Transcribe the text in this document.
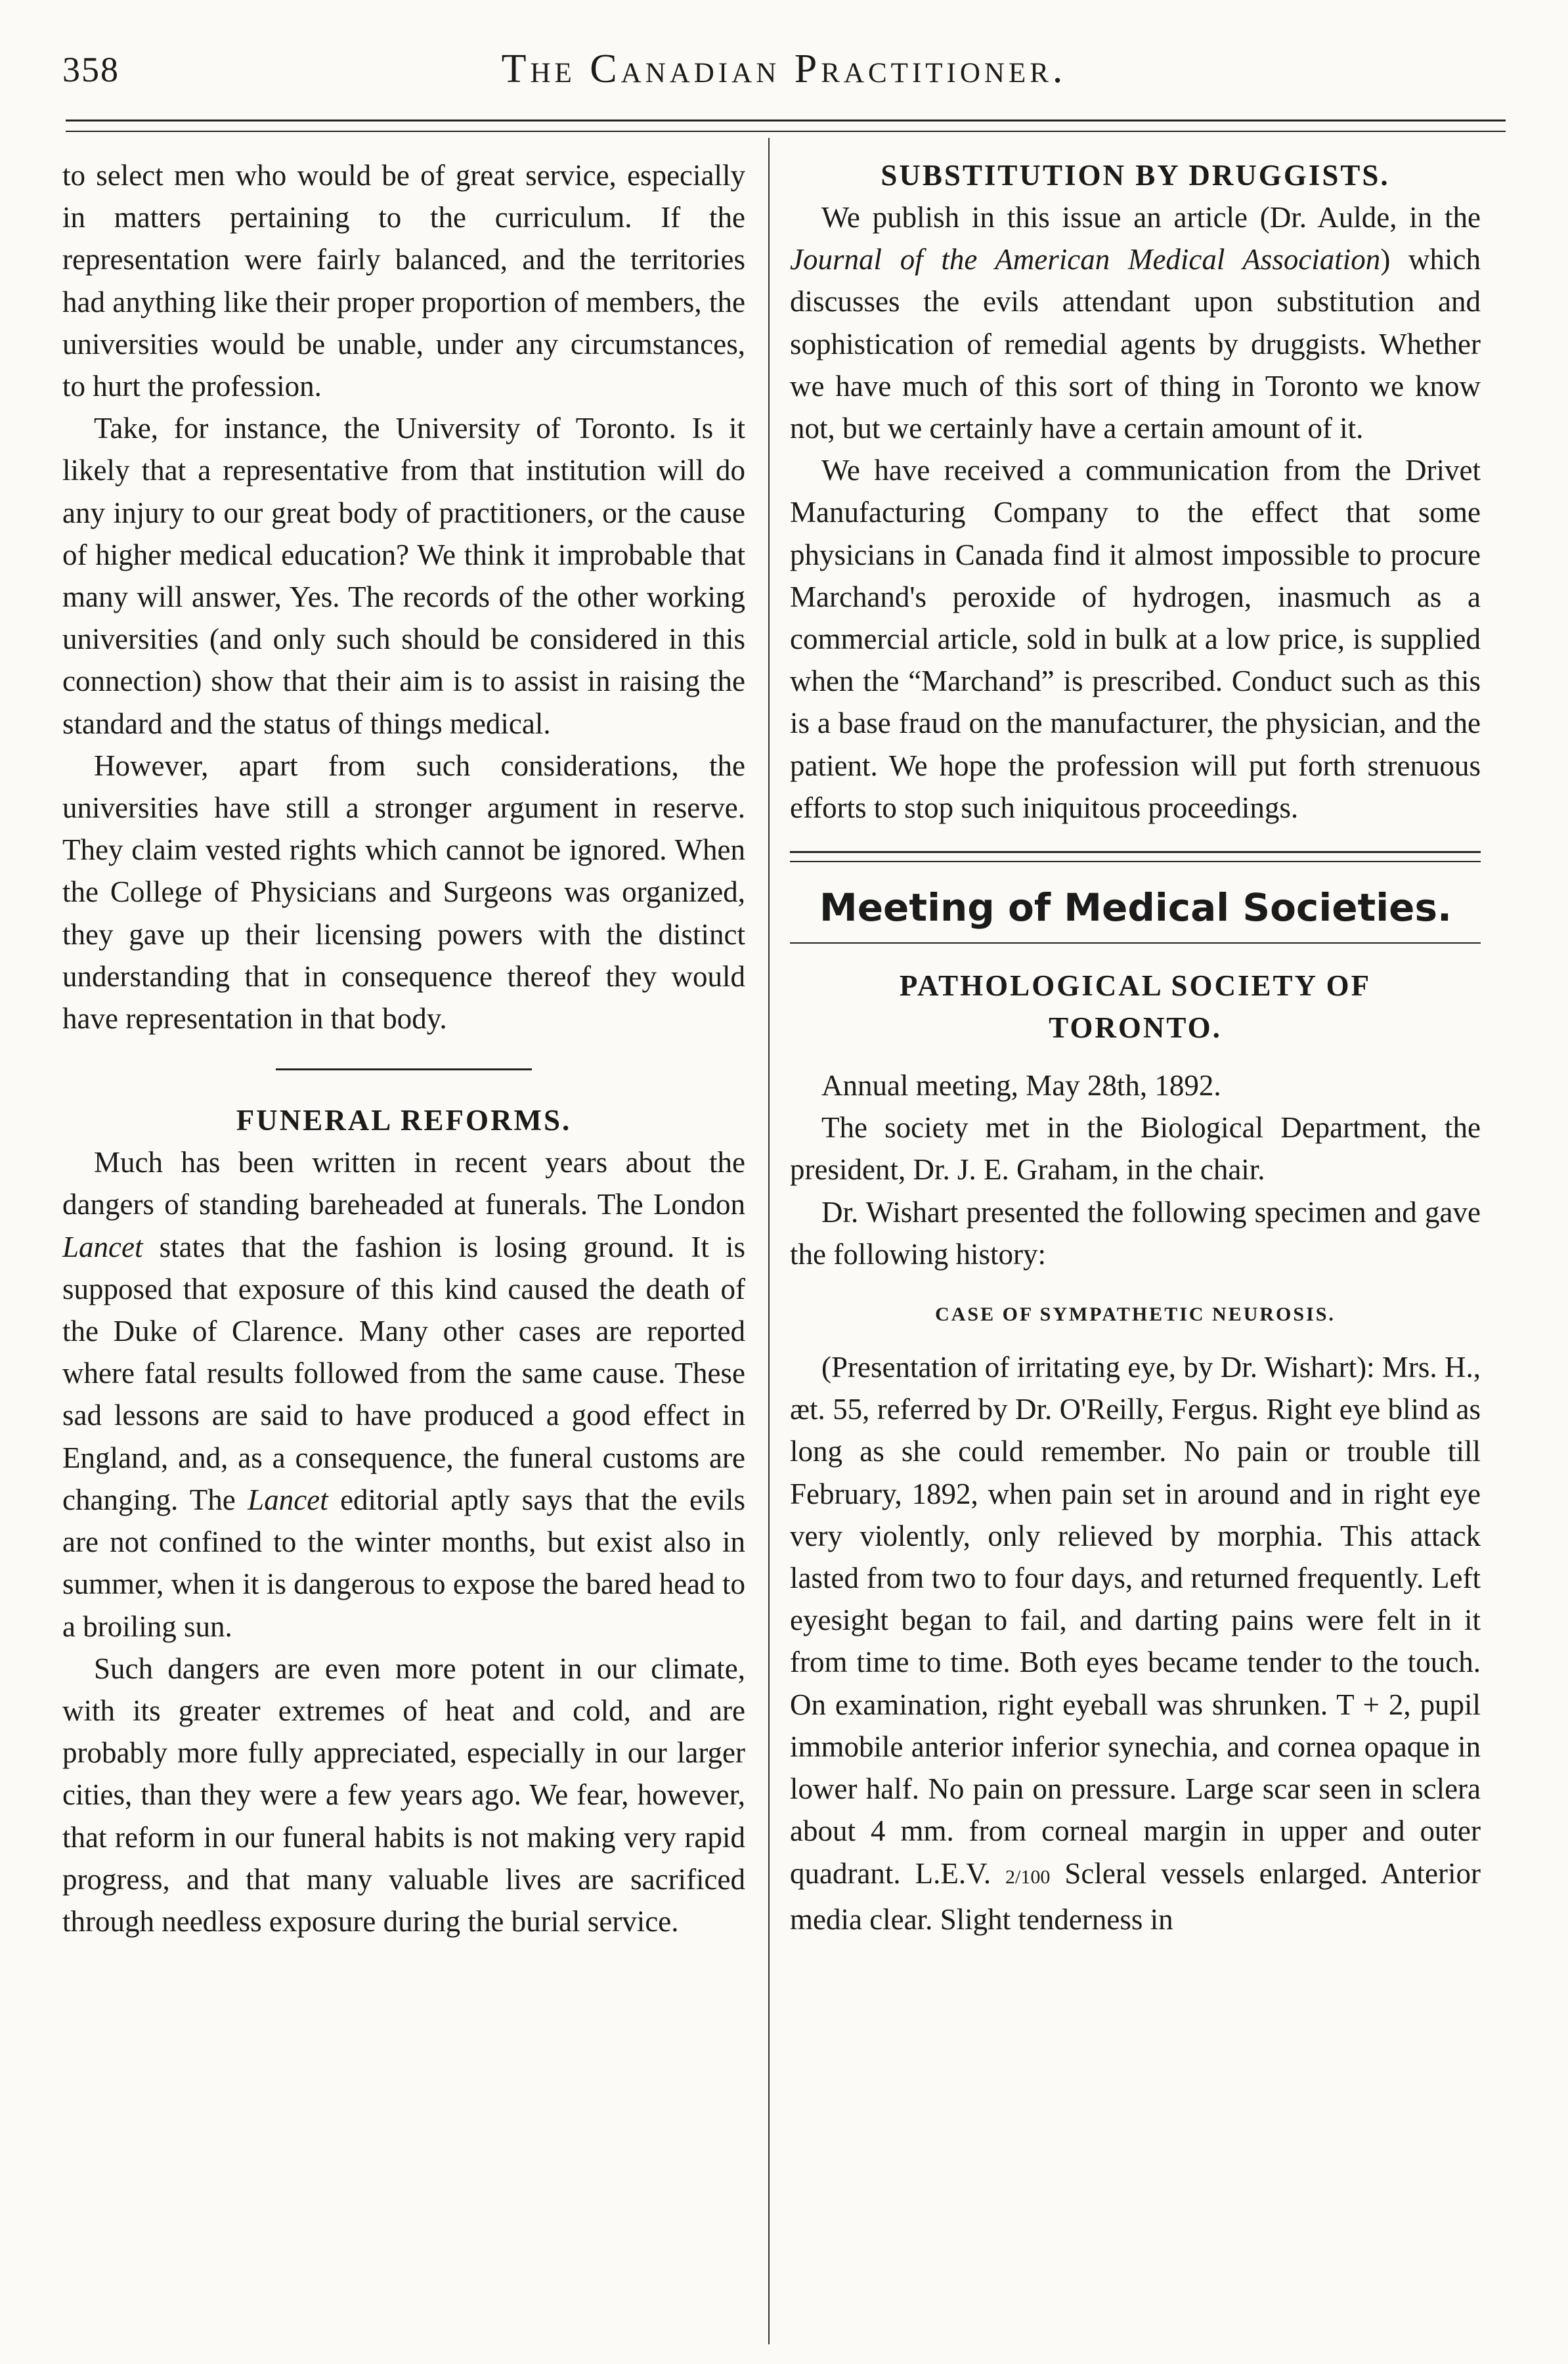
358	The Canadian Practitioner.

to select men who would be of great service, especially in matters pertaining to the curriculum. If the representation were fairly balanced, and the territories had anything like their proper proportion of members, the universities would be unable, under any circumstances, to hurt the profession.

Take, for instance, the University of Toronto. Is it likely that a representative from that institution will do any injury to our great body of practitioners, or the cause of higher medical education? We think it improbable that many will answer, Yes. The records of the other working universities (and only such should be considered in this connection) show that their aim is to assist in raising the standard and the status of things medical.

However, apart from such considerations, the universities have still a stronger argument in reserve. They claim vested rights which cannot be ignored. When the College of Physicians and Surgeons was organized, they gave up their licensing powers with the distinct understanding that in consequence thereof they would have representation in that body.

FUNERAL REFORMS.

Much has been written in recent years about the dangers of standing bareheaded at funerals. The London Lancet states that the fashion is losing ground. It is supposed that exposure of this kind caused the death of the Duke of Clarence. Many other cases are reported where fatal results followed from the same cause. These sad lessons are said to have produced a good effect in England, and, as a consequence, the funeral customs are changing. The Lancet editorial aptly says that the evils are not confined to the winter months, but exist also in summer, when it is dangerous to expose the bared head to a broiling sun.

Such dangers are even more potent in our climate, with its greater extremes of heat and cold, and are probably more fully appreciated, especially in our larger cities, than they were a few years ago. We fear, however, that reform in our funeral habits is not making very rapid progress, and that many valuable lives are sacrificed through needless exposure during the burial service.

SUBSTITUTION BY DRUGGISTS.

We publish in this issue an article (Dr. Aulde, in the Journal of the American Medical Association) which discusses the evils attendant upon substitution and sophistication of remedial agents by druggists. Whether we have much of this sort of thing in Toronto we know not, but we certainly have a certain amount of it.

We have received a communication from the Drivet Manufacturing Company to the effect that some physicians in Canada find it almost impossible to procure Marchand's peroxide of hydrogen, inasmuch as a commercial article, sold in bulk at a low price, is supplied when the “Marchand” is prescribed. Conduct such as this is a base fraud on the manufacturer, the physician, and the patient. We hope the profession will put forth strenuous efforts to stop such iniquitous proceedings.

Meeting of Medical Societies.
PATHOLOGICAL SOCIETY OF TORONTO.

Annual meeting, May 28th, 1892.

The society met in the Biological Department, the president, Dr. J. E. Graham, in the chair.

Dr. Wishart presented the following specimen and gave the following history:

CASE OF SYMPATHETIC NEUROSIS.

(Presentation of irritating eye, by Dr. Wishart): Mrs. H., æt. 55, referred by Dr. O'Reilly, Fergus. Right eye blind as long as she could remember. No pain or trouble till February, 1892, when pain set in around and in right eye very violently, only relieved by morphia. This attack lasted from two to four days, and returned frequently. Left eyesight began to fail, and darting pains were felt in it from time to time. Both eyes became tender to the touch. On examination, right eyeball was shrunken. T + 2, pupil immobile anterior inferior synechia, and cornea opaque in lower half. No pain on pressure. Large scar seen in sclera about 4 mm. from corneal margin in upper and outer quadrant. L.E.V. 2/100 Scleral vessels enlarged. Anterior media clear. Slight tenderness in
